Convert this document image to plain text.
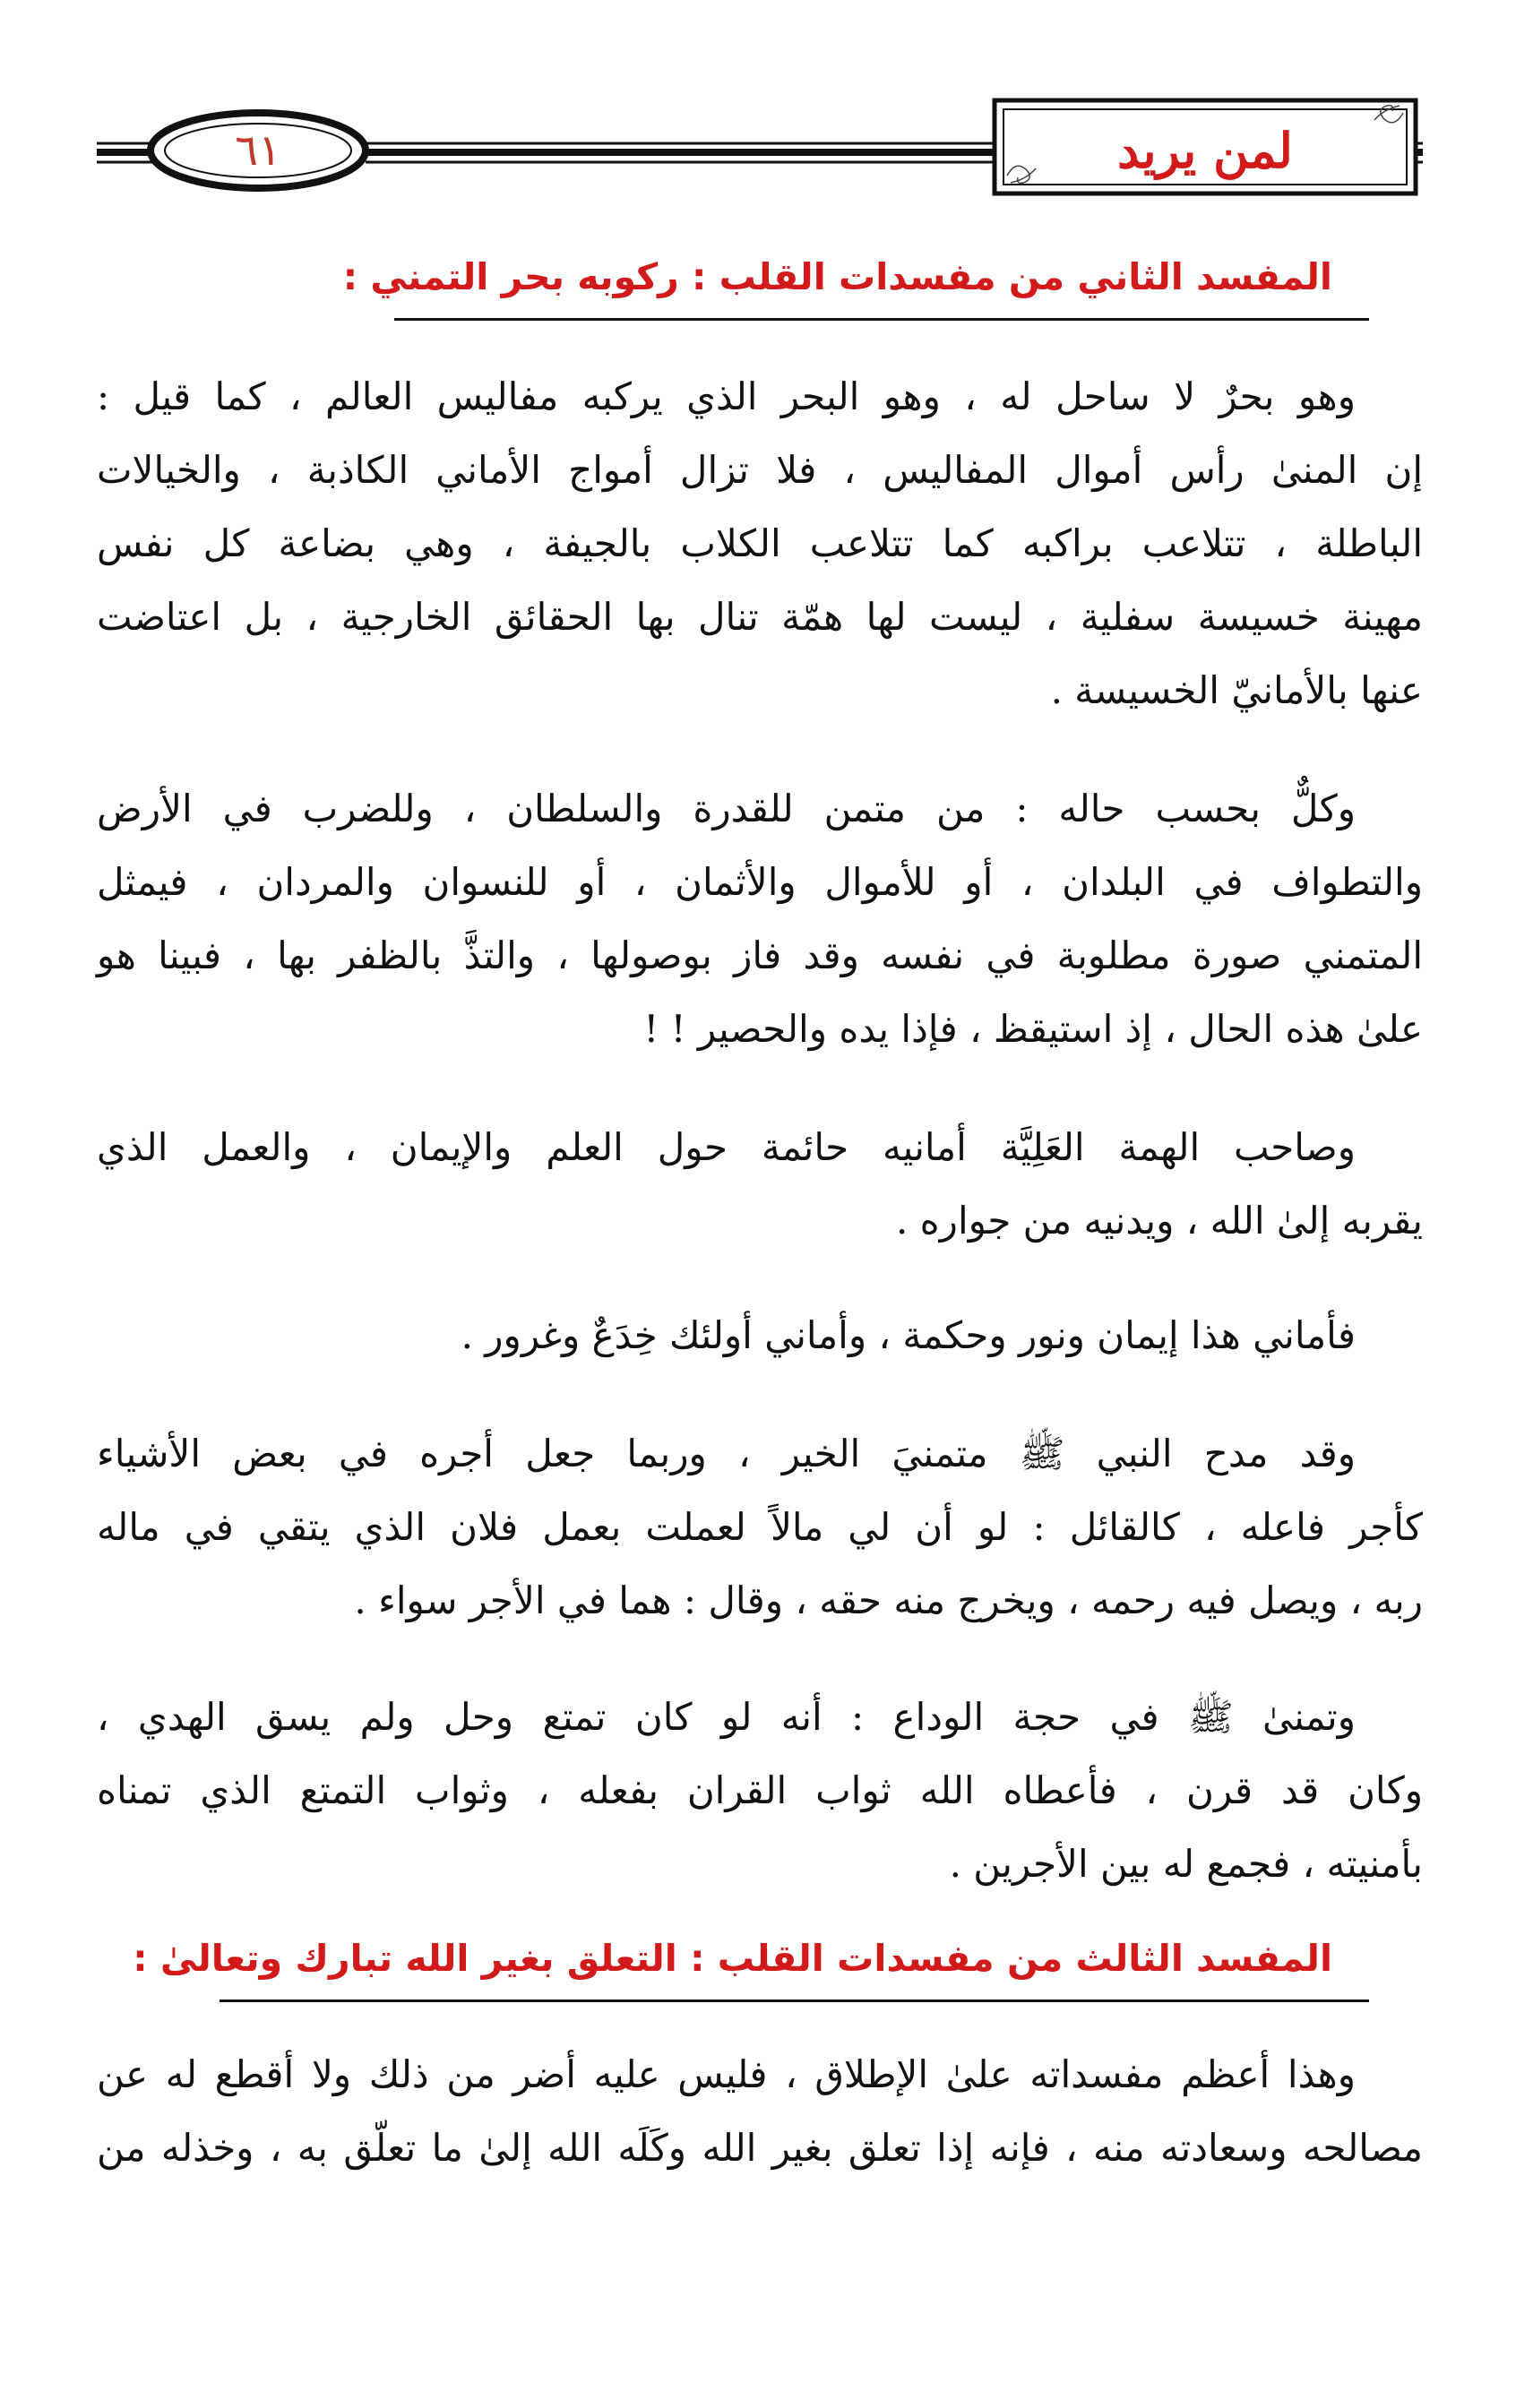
٦١	لمن يريد
المفسد الثاني من مفسدات القلب : ركوبه بحر التمني :
وهو بحرٌ لا ساحل له ، وهو البحر الذي يركبه مفاليس العالم ، كما قيل :
إن المنىٰ رأس أموال المفاليس ، فلا تزال أمواج الأماني الكاذبة ، والخيالات
الباطلة ، تتلاعب براكبه كما تتلاعب الكلاب بالجيفة ، وهي بضاعة كل نفس
مهينة خسيسة سفلية ، ليست لها همّة تنال بها الحقائق الخارجية ، بل اعتاضت
عنها بالأمانيّ الخسيسة .
وكلٌّ بحسب حاله : من متمن للقدرة والسلطان ، وللضرب في الأرض
والتطواف في البلدان ، أو للأموال والأثمان ، أو للنسوان والمردان ، فيمثل
المتمني صورة مطلوبة في نفسه وقد فاز بوصولها ، والتذَّ بالظفر بها ، فبينا هو
علىٰ هذه الحال ، إذ استيقظ ، فإذا يده والحصير ! !
وصاحب الهمة العَلِيَّة أمانيه حائمة حول العلم والإيمان ، والعمل الذي
يقربه إلىٰ الله ، ويدنيه من جواره .
فأماني هذا إيمان ونور وحكمة ، وأماني أولئك خِدَعٌ وغرور .
وقد مدح النبي ﷺ متمنيَ الخير ، وربما جعل أجره في بعض الأشياء
كأجر فاعله ، كالقائل : لو أن لي مالاً لعملت بعمل فلان الذي يتقي في ماله
ربه ، ويصل فيه رحمه ، ويخرج منه حقه ، وقال : هما في الأجر سواء .
وتمنىٰ ﷺ في حجة الوداع : أنه لو كان تمتع وحل ولم يسق الهدي ،
وكان قد قرن ، فأعطاه الله ثواب القران بفعله ، وثواب التمتع الذي تمناه
بأمنيته ، فجمع له بين الأجرين .
المفسد الثالث من مفسدات القلب : التعلق بغير الله تبارك وتعالىٰ :
وهذا أعظم مفسداته علىٰ الإطلاق ، فليس عليه أضر من ذلك ولا أقطع له عن
مصالحه وسعادته منه ، فإنه إذا تعلق بغير الله وكَلَه الله إلىٰ ما تعلّق به ، وخذله من
